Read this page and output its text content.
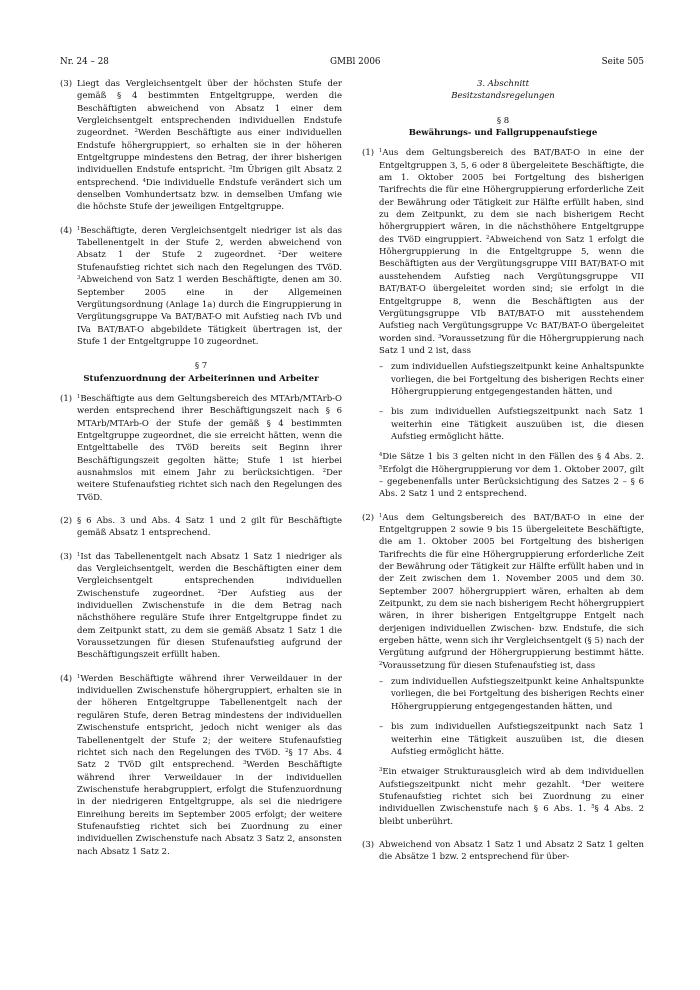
Nr. 24 – 28	GMBl 2006	Seite 505
(3) Liegt das Vergleichsentgelt über der höchsten Stufe der gemäß § 4 bestimmten Entgeltgruppe, werden die Beschäftigten abweichend von Absatz 1 einer dem Vergleichsentgelt entsprechenden individuellen Endstufe zugeordnet. $^2$Werden Beschäftigte aus einer individuellen Endstufe höhergruppiert, so erhalten sie in der höheren Entgeltgruppe mindestens den Betrag, der ihrer bisherigen individuellen Endstufe entspricht. $^3$Im Übrigen gilt Absatz 2 entsprechend. $^4$Die individuelle Endstufe verändert sich um denselben Vomhundertsatz bzw. in demselben Umfang wie die höchste Stufe der jeweiligen Entgeltgruppe.
(4) $^1$Beschäftigte, deren Vergleichsentgelt niedriger ist als das Tabellenentgelt in der Stufe 2, werden abweichend von Absatz 1 der Stufe 2 zugeordnet. $^2$Der weitere Stufenaufstieg richtet sich nach den Regelungen des TVöD. $^3$Abweichend von Satz 1 werden Beschäftigte, denen am 30. September 2005 eine in der Allgemeinen Vergütungsordnung (Anlage 1a) durch die Eingruppierung in Vergütungsgruppe Va BAT/BAT-O mit Aufstieg nach IVb und IVa BAT/BAT-O abgebildete Tätigkeit übertragen ist, der Stufe 1 der Entgeltgruppe 10 zugeordnet.
§ 7
Stufenzuordnung der Arbeiterinnen und Arbeiter
(1) $^1$Beschäftigte aus dem Geltungsbereich des MTArb/MTArb-O werden entsprechend ihrer Beschäftigungszeit nach § 6 MTArb/MTArb-O der Stufe der gemäß § 4 bestimmten Entgeltgruppe zugeordnet, die sie erreicht hätten, wenn die Entgelttabelle des TVöD bereits seit Beginn ihrer Beschäftigungszeit gegolten hätte; Stufe 1 ist hierbei ausnahmslos mit einem Jahr zu berücksichtigen. $^2$Der weitere Stufenaufstieg richtet sich nach den Regelungen des TVöD.
(2) § 6 Abs. 3 und Abs. 4 Satz 1 und 2 gilt für Beschäftigte gemäß Absatz 1 entsprechend.
(3) $^1$Ist das Tabellenentgelt nach Absatz 1 Satz 1 niedriger als das Vergleichsentgelt, werden die Beschäftigten einer dem Vergleichsentgelt entsprechenden individuellen Zwischenstufe zugeordnet. $^2$Der Aufstieg aus der individuellen Zwischenstufe in die dem Betrag nach nächsthöhere reguläre Stufe ihrer Entgeltgruppe findet zu dem Zeitpunkt statt, zu dem sie gemäß Absatz 1 Satz 1 die Voraussetzungen für diesen Stufenaufstieg aufgrund der Beschäftigungszeit erfüllt haben.
(4) $^1$Werden Beschäftigte während ihrer Verweildauer in der individuellen Zwischenstufe höhergruppiert, erhalten sie in der höheren Entgeltgruppe Tabellenentgelt nach der regulären Stufe, deren Betrag mindestens der individuellen Zwischenstufe entspricht, jedoch nicht weniger als das Tabellenentgelt der Stufe 2; der weitere Stufenaufstieg richtet sich nach den Regelungen des TVöD. $^2$§ 17 Abs. 4 Satz 2 TVöD gilt entsprechend. $^3$Werden Beschäftigte während ihrer Verweildauer in der individuellen Zwischenstufe herabgruppiert, erfolgt die Stufenzuordnung in der niedrigeren Entgeltgruppe, als sei die niedrigere Einreihung bereits im September 2005 erfolgt; der weitere Stufenaufstieg richtet sich bei Zuordnung zu einer individuellen Zwischenstufe nach Absatz 3 Satz 2, ansonsten nach Absatz 1 Satz 2.
3. Abschnitt
Besitzstandsregelungen
§ 8
Bewährungs- und Fallgruppenaufstiege
(1) $^1$Aus dem Geltungsbereich des BAT/BAT-O in eine der Entgeltgruppen 3, 5, 6 oder 8 übergeleitete Beschäftigte, die am 1. Oktober 2005 bei Fortgeltung des bisherigen Tarifrechts die für eine Höhergruppierung erforderliche Zeit der Bewährung oder Tätigkeit zur Hälfte erfüllt haben, sind zu dem Zeitpunkt, zu dem sie nach bisherigem Recht höhergruppiert wären, in die nächsthöhere Entgeltgruppe des TVöD eingruppiert. $^2$Abweichend von Satz 1 erfolgt die Höhergruppierung in die Entgeltgruppe 5, wenn die Beschäftigten aus der Vergütungsgruppe VIII BAT/BAT-O mit ausstehendem Aufstieg nach Vergütungsgruppe VII BAT/BAT-O übergeleitet worden sind; sie erfolgt in die Entgeltgruppe 8, wenn die Beschäftigten aus der Vergütungsgruppe VIb BAT/BAT-O mit ausstehendem Aufstieg nach Vergütungsgruppe Vc BAT/BAT-O übergeleitet worden sind. $^3$Voraussetzung für die Höhergruppierung nach Satz 1 und 2 ist, dass
– zum individuellen Aufstiegszeitpunkt keine Anhaltspunkte vorliegen, die bei Fortgeltung des bisherigen Rechts einer Höhergruppierung entgegengestanden hätten, und
– bis zum individuellen Aufstiegszeitpunkt nach Satz 1 weiterhin eine Tätigkeit auszuüben ist, die diesen Aufstieg ermöglicht hätte.
$^4$Die Sätze 1 bis 3 gelten nicht in den Fällen des § 4 Abs. 2. $^5$Erfolgt die Höhergruppierung vor dem 1. Oktober 2007, gilt – gegebenenfalls unter Berücksichtigung des Satzes 2 – § 6 Abs. 2 Satz 1 und 2 entsprechend.
(2) $^1$Aus dem Geltungsbereich des BAT/BAT-O in eine der Entgeltgruppen 2 sowie 9 bis 15 übergeleitete Beschäftigte, die am 1. Oktober 2005 bei Fortgeltung des bisherigen Tarifrechts die für eine Höhergruppierung erforderliche Zeit der Bewährung oder Tätigkeit zur Hälfte erfüllt haben und in der Zeit zwischen dem 1. November 2005 und dem 30. September 2007 höhergruppiert wären, erhalten ab dem Zeitpunkt, zu dem sie nach bisherigem Recht höhergruppiert wären, in ihrer bisherigen Entgeltgruppe Entgelt nach derjenigen individuellen Zwischen- bzw. Endstufe, die sich ergeben hätte, wenn sich ihr Vergleichsentgelt (§ 5) nach der Vergütung aufgrund der Höhergruppierung bestimmt hätte. $^2$Voraussetzung für diesen Stufenaufstieg ist, dass
– zum individuellen Aufstiegszeitpunkt keine Anhaltspunkte vorliegen, die bei Fortgeltung des bisherigen Rechts einer Höhergruppierung entgegengestanden hätten, und
– bis zum individuellen Aufstiegszeitpunkt nach Satz 1 weiterhin eine Tätigkeit auszuüben ist, die diesen Aufstieg ermöglicht hätte.
$^3$Ein etwaiger Strukturausgleich wird ab dem individuellen Aufstiegszeitpunkt nicht mehr gezahlt. $^4$Der weitere Stufenaufstieg richtet sich bei Zuordnung zu einer individuellen Zwischenstufe nach § 6 Abs. 1. $^5$§ 4 Abs. 2 bleibt unberührt.
(3) Abweichend von Absatz 1 Satz 1 und Absatz 2 Satz 1 gelten die Absätze 1 bzw. 2 entsprechend für über-
